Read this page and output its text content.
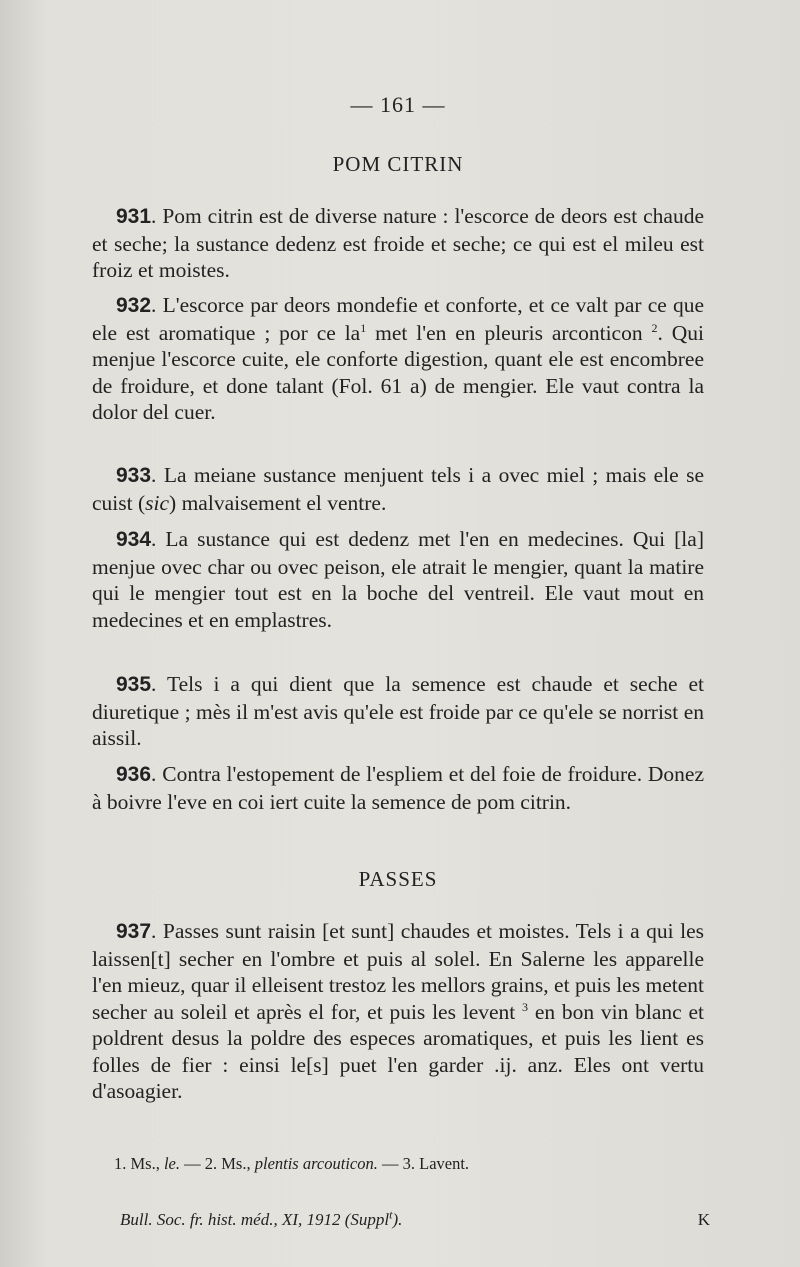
— 161 —
POM CITRIN

931. Pom citrin est de diverse nature : l'escorce de deors est chaude et seche; la sustance dedenz est froide et seche; ce qui est el mileu est froiz et moistes.

932. L'escorce par deors mondefie et conforte, et ce valt par ce que ele est aromatique ; por ce $la^1$ met l'en en pleuris arconticon $^2$. Qui menjue l'escorce cuite, ele conforte digestion, quant ele est encombree de froidure, et done talant (Fol. 61 a) de mengier. Ele vaut contra la dolor del cuer.

933. La meiane sustance menjuent tels i a ovec miel ; mais ele se cuist (sic) malvaisement el ventre.

934. La sustance qui est dedenz met l'en en medecines. Qui [la] menjue ovec char ou ovec peison, ele atrait le mengier, quant la matire qui le mengier tout est en la boche del ventreil. Ele vaut mout en medecines et en emplastres.

935. Tels i a qui dient que la semence est chaude et seche et diuretique ; mès il m'est avis qu'ele est froide par ce qu'ele se norrist en aissil.

936. Contra l'estopement de l'espliem et del foie de froidure. Donez à boivre l'eve en coi iert cuite la semence de pom citrin.

PASSES

937. Passes sunt raisin [et sunt] chaudes et moistes. Tels i a qui les laissen[t] secher en l'ombre et puis al solel. En Salerne les apparelle l'en mieuz, quar il elleisent trestoz les mellors grains, et puis les metent secher au soleil et après el for, et puis les levent $^3$ en bon vin blanc et poldrent desus la poldre des especes aromatiques, et puis les lient es folles de fier : einsi le[s] puet l'en garder .ij. anz. Eles ont vertu d'asoagier.

1. Ms., le. — 2. Ms., plentis arcouticon. — 3. Lavent.
Bull. Soc. fr. hist. méd., XI, 1912 (Suppl$^t$).	K
